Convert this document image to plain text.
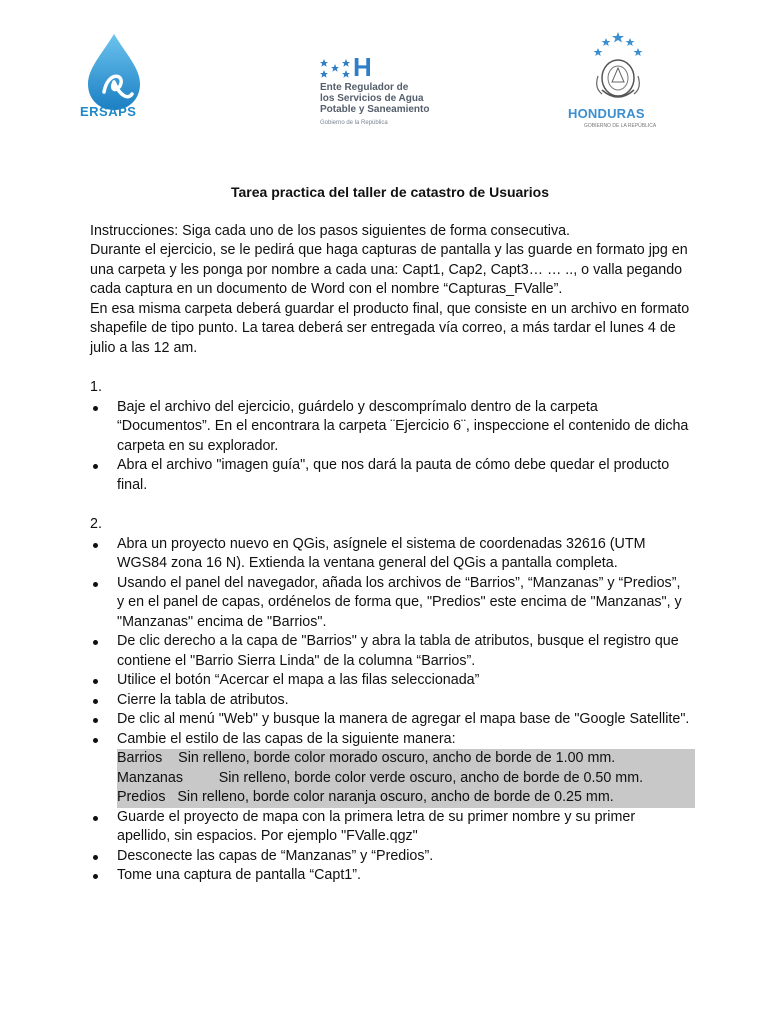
ERSAPS
H
Ente Regulador de
los Servicios de Agua
Potable y Saneamiento
Gobierno de la República
HONDURAS
GOBIERNO DE LA REPÚBLICA
Tarea practica del taller de catastro de Usuarios

Instrucciones: Siga cada uno de los pasos siguientes de forma consecutiva.

Durante el ejercicio, se le pedirá que haga capturas de pantalla y las guarde en formato jpg en una carpeta y les ponga por nombre a cada una: Capt1, Cap2, Capt3… … .., o valla pegando cada captura en un documento de Word con el nombre “Capturas_FValle”.

En esa misma carpeta deberá guardar el producto final, que consiste en un archivo en formato shapefile de tipo punto. La tarea deberá ser entregada vía correo, a más tardar el lunes 4 de julio a las 12 am.

1.

Baje el archivo del ejercicio, guárdelo y descomprímalo dentro de la carpeta “Documentos”. En el encontrara la carpeta ¨Ejercicio 6¨, inspeccione el contenido de dicha carpeta en su explorador.
Abra el archivo "imagen guía", que nos dará la pauta de cómo debe quedar el producto final.

2.

Abra un proyecto nuevo en QGis, asígnele el sistema de coordenadas 32616 (UTM WGS84 zona 16 N). Extienda la ventana general del QGis a pantalla completa.
Usando el panel del navegador, añada los archivos de “Barrios”, “Manzanas” y “Predios”, y en el panel de capas, ordénelos de forma que, "Predios" este encima de "Manzanas", y "Manzanas" encima de "Barrios".
De clic derecho a la capa de "Barrios" y abra la tabla de atributos, busque el registro que contiene el "Barrio Sierra Linda" de la columna “Barrios”.
Utilice el botón “Acercar el mapa a las filas seleccionada”
Cierre la tabla de atributos.
De clic al menú "Web" y busque la manera de agregar el mapa base de "Google Satellite".
Cambie el estilo de las capas de la siguiente manera:
Barrios    Sin relleno, borde color morado oscuro, ancho de borde de 1.00 mm.
Manzanas         Sin relleno, borde color verde oscuro, ancho de borde de 0.50 mm.
Predios   Sin relleno, borde color naranja oscuro, ancho de borde de 0.25 mm.
Guarde el proyecto de mapa con la primera letra de su primer nombre y su primer apellido, sin espacios. Por ejemplo "FValle.qgz"
Desconecte las capas de “Manzanas” y “Predios”.
Tome una captura de pantalla “Capt1”.
